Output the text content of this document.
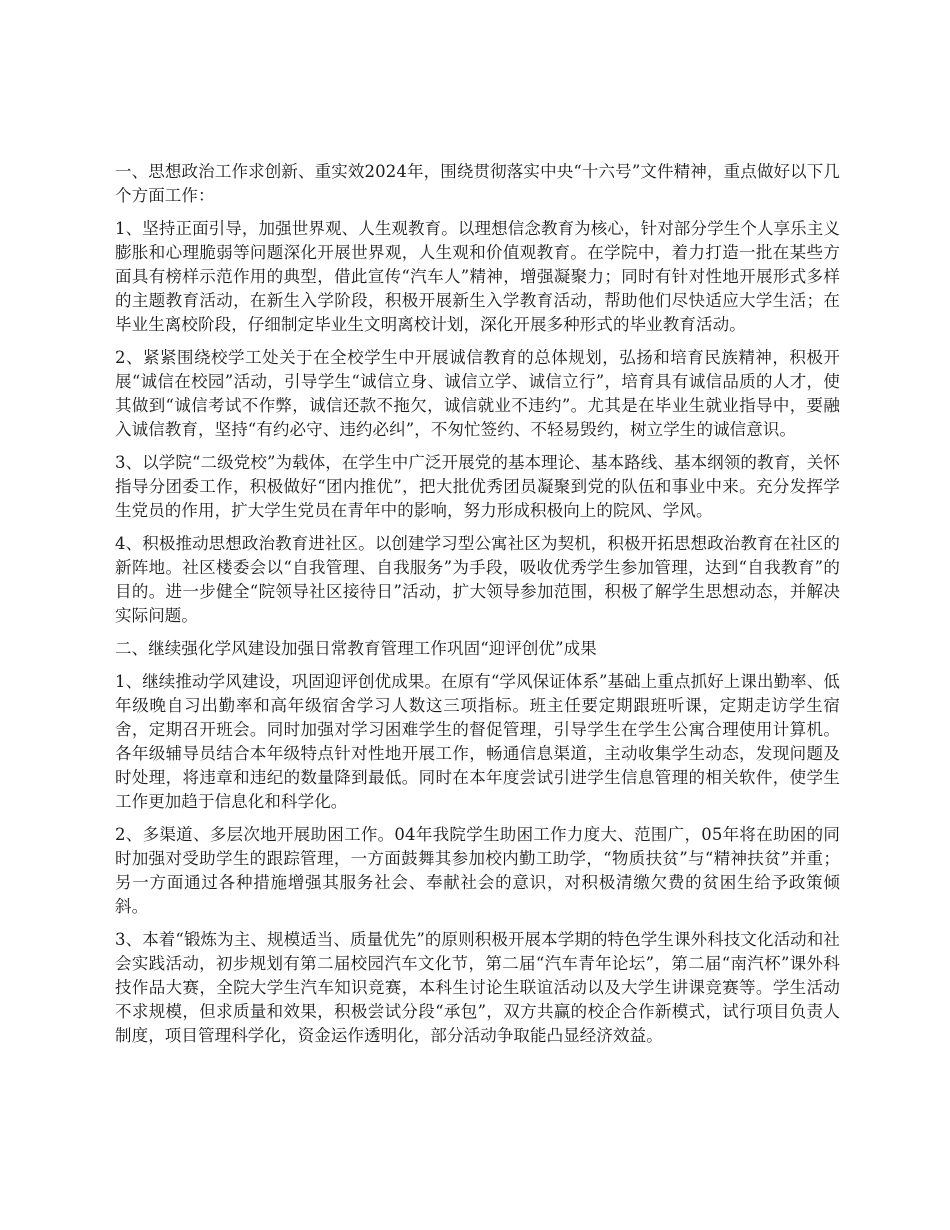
一、思想政治工作求创新、重实效2024年，围绕贯彻落实中央“十六号”文件精神，重点做好以下几个方面工作：

1、坚持正面引导，加强世界观、人生观教育。以理想信念教育为核心，针对部分学生个人享乐主义膨胀和心理脆弱等问题深化开展世界观，人生观和价值观教育。在学院中，着力打造一批在某些方面具有榜样示范作用的典型，借此宣传“汽车人”精神，增强凝聚力；同时有针对性地开展形式多样的主题教育活动，在新生入学阶段，积极开展新生入学教育活动，帮助他们尽快适应大学生活；在毕业生离校阶段，仔细制定毕业生文明离校计划，深化开展多种形式的毕业教育活动。

2、紧紧围绕校学工处关于在全校学生中开展诚信教育的总体规划，弘扬和培育民族精神，积极开展“诚信在校园”活动，引导学生“诚信立身、诚信立学、诚信立行”，培育具有诚信品质的人才，使其做到“诚信考试不作弊，诚信还款不拖欠，诚信就业不违约”。尤其是在毕业生就业指导中，要融入诚信教育，坚持“有约必守、违约必纠”，不匆忙签约、不轻易毁约，树立学生的诚信意识。

3、以学院“二级党校”为载体，在学生中广泛开展党的基本理论、基本路线、基本纲领的教育，关怀指导分团委工作，积极做好“团内推优”，把大批优秀团员凝聚到党的队伍和事业中来。充分发挥学生党员的作用，扩大学生党员在青年中的影响，努力形成积极向上的院风、学风。

4、积极推动思想政治教育进社区。以创建学习型公寓社区为契机，积极开拓思想政治教育在社区的新阵地。社区楼委会以“自我管理、自我服务”为手段，吸收优秀学生参加管理，达到“自我教育”的目的。进一步健全“院领导社区接待日”活动，扩大领导参加范围，积极了解学生思想动态，并解决实际问题。

二、继续强化学风建设加强日常教育管理工作巩固“迎评创优”成果

1、继续推动学风建设，巩固迎评创优成果。在原有“学风保证体系”基础上重点抓好上课出勤率、低年级晚自习出勤率和高年级宿舍学习人数这三项指标。班主任要定期跟班听课，定期走访学生宿舍，定期召开班会。同时加强对学习困难学生的督促管理，引导学生在学生公寓合理使用计算机。各年级辅导员结合本年级特点针对性地开展工作，畅通信息渠道，主动收集学生动态，发现问题及时处理，将违章和违纪的数量降到最低。同时在本年度尝试引进学生信息管理的相关软件，使学生工作更加趋于信息化和科学化。

2、多渠道、多层次地开展助困工作。04年我院学生助困工作力度大、范围广，05年将在助困的同时加强对受助学生的跟踪管理，一方面鼓舞其参加校内勤工助学，“物质扶贫”与“精神扶贫”并重；另一方面通过各种措施增强其服务社会、奉献社会的意识，对积极清缴欠费的贫困生给予政策倾斜。

3、本着“锻炼为主、规模适当、质量优先”的原则积极开展本学期的特色学生课外科技文化活动和社会实践活动，初步规划有第二届校园汽车文化节，第二届“汽车青年论坛”，第二届“南汽杯”课外科技作品大赛，全院大学生汽车知识竞赛，本科生讨论生联谊活动以及大学生讲课竞赛等。学生活动不求规模，但求质量和效果，积极尝试分段“承包”，双方共赢的校企合作新模式，试行项目负责人制度，项目管理科学化，资金运作透明化，部分活动争取能凸显经济效益。
